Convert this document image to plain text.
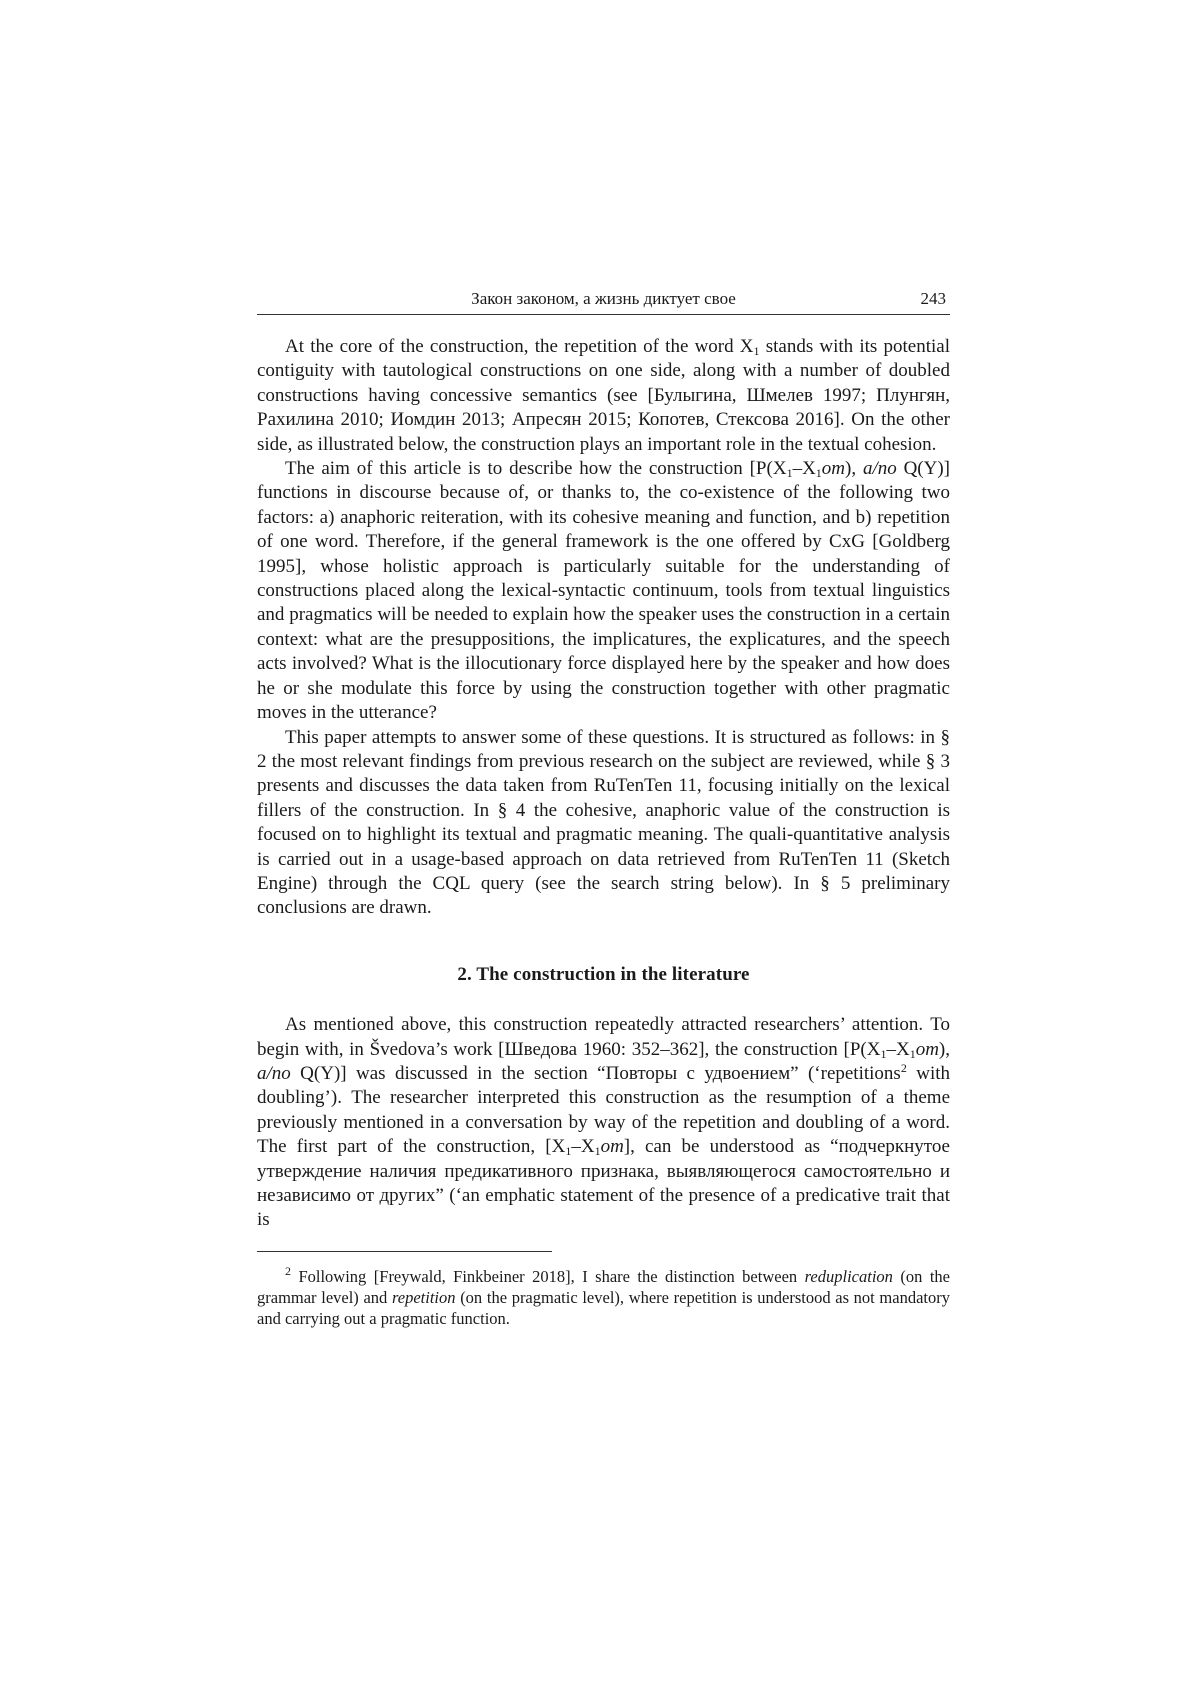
Закон законом, а жизнь диктует свое	243

At the core of the construction, the repetition of the word $X_1$ stands with its potential contiguity with tautological constructions on one side, along with a number of doubled constructions having concessive semantics (see [Булыгина, Шмелев 1997; Плунгян, Рахилина 2010; Иомдин 2013; Апресян 2015; Копотев, Стексова 2016]. On the other side, as illustrated below, the construction plays an important role in the textual cohesion.

The aim of this article is to describe how the construction [$P(X_1-X_1om)$, a/no Q(Y)] functions in discourse because of, or thanks to, the co-existence of the following two factors: a) anaphoric reiteration, with its cohesive meaning and function, and b) repetition of one word. Therefore, if the general framework is the one offered by CxG [Goldberg 1995], whose holistic approach is particularly suitable for the understanding of constructions placed along the lexical-syntactic continuum, tools from textual linguistics and pragmatics will be needed to explain how the speaker uses the construction in a certain context: what are the presuppositions, the implicatures, the explicatures, and the speech acts involved? What is the illocutionary force displayed here by the speaker and how does he or she modulate this force by using the construction together with other pragmatic moves in the utterance?

This paper attempts to answer some of these questions. It is structured as follows: in § 2 the most relevant findings from previous research on the subject are reviewed, while § 3 presents and discusses the data taken from RuTenTen 11, focusing initially on the lexical fillers of the construction. In § 4 the cohesive, anaphoric value of the construction is focused on to highlight its textual and pragmatic meaning. The quali-quantitative analysis is carried out in a usage-based approach on data retrieved from RuTenTen 11 (Sketch Engine) through the CQL query (see the search string below). In § 5 preliminary conclusions are drawn.

2. The construction in the literature

As mentioned above, this construction repeatedly attracted researchers’ attention. To begin with, in Švedova’s work [Шведова 1960: 352–362], the construction [$P(X_1-X_1om)$, a/no Q(Y)] was discussed in the section “Повторы с удвоением” (‘repetitions$^2$ with doubling’). The researcher interpreted this construction as the resumption of a theme previously mentioned in a conversation by way of the repetition and doubling of a word. The first part of the construction, $[X_1-X_1om]$, can be understood as “подчеркнутое утверждение наличия предикативного признака, выявляющегося самостоятельно и независимо от других” (‘an emphatic statement of the presence of a predicative trait that is

$^2$ Following [Freywald, Finkbeiner 2018], I share the distinction between reduplication (on the grammar level) and repetition (on the pragmatic level), where repetition is understood as not mandatory and carrying out a pragmatic function.
